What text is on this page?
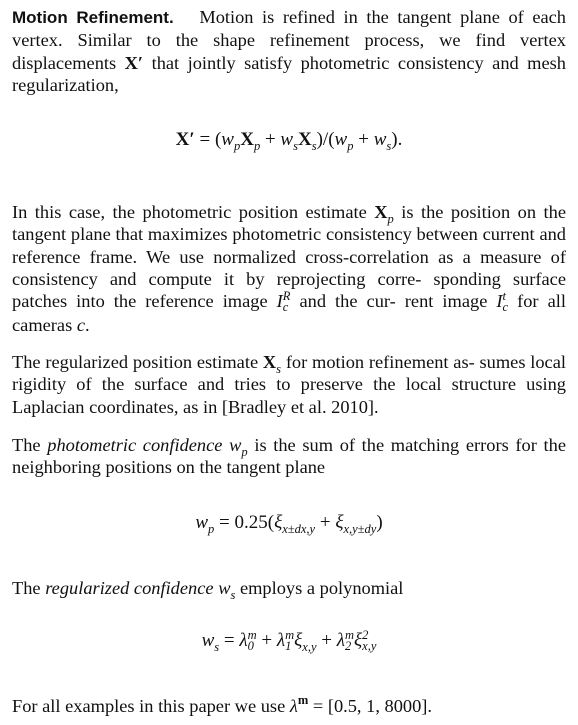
Motion Refinement. Motion is refined in the tangent plane of each vertex. Similar to the shape refinement process, we find vertex displacements X′ that jointly satisfy photometric consistency and mesh regularization,

$X' = (w_pX_p + w_sX_s)/(w_p + w_s)$.

In this case, the photometric position estimate $X_p$ is the position on the tangent plane that maximizes photometric consistency between current and reference frame. We use normalized cross-correlation as a measure of consistency and compute it by reprojecting corre- sponding surface patches into the reference image I R
c and the cur- rent image I t
c for all cameras c.

The regularized position estimate $X_s$ for motion refinement as- sumes local rigidity of the surface and tries to preserve the local structure using Laplacian coordinates, as in [Bradley et al. 2010].

The photometric confidence $w_p$ is the sum of the matching errors for the neighboring positions on the tangent plane

$w_p = 0.25(\xi_{x\pm dx,y} + \xi_{x,y\pm dy})$

The regularized confidence $w_s$ employs a polynomial

$w_s = \lambda$ m
0 + λ m
1 $\xi_{x,y} + \lambda$ m
2 ξ 2
x,y

For all examples in this paper we use $\lambda^m = [0.5$, 1, 8000].
